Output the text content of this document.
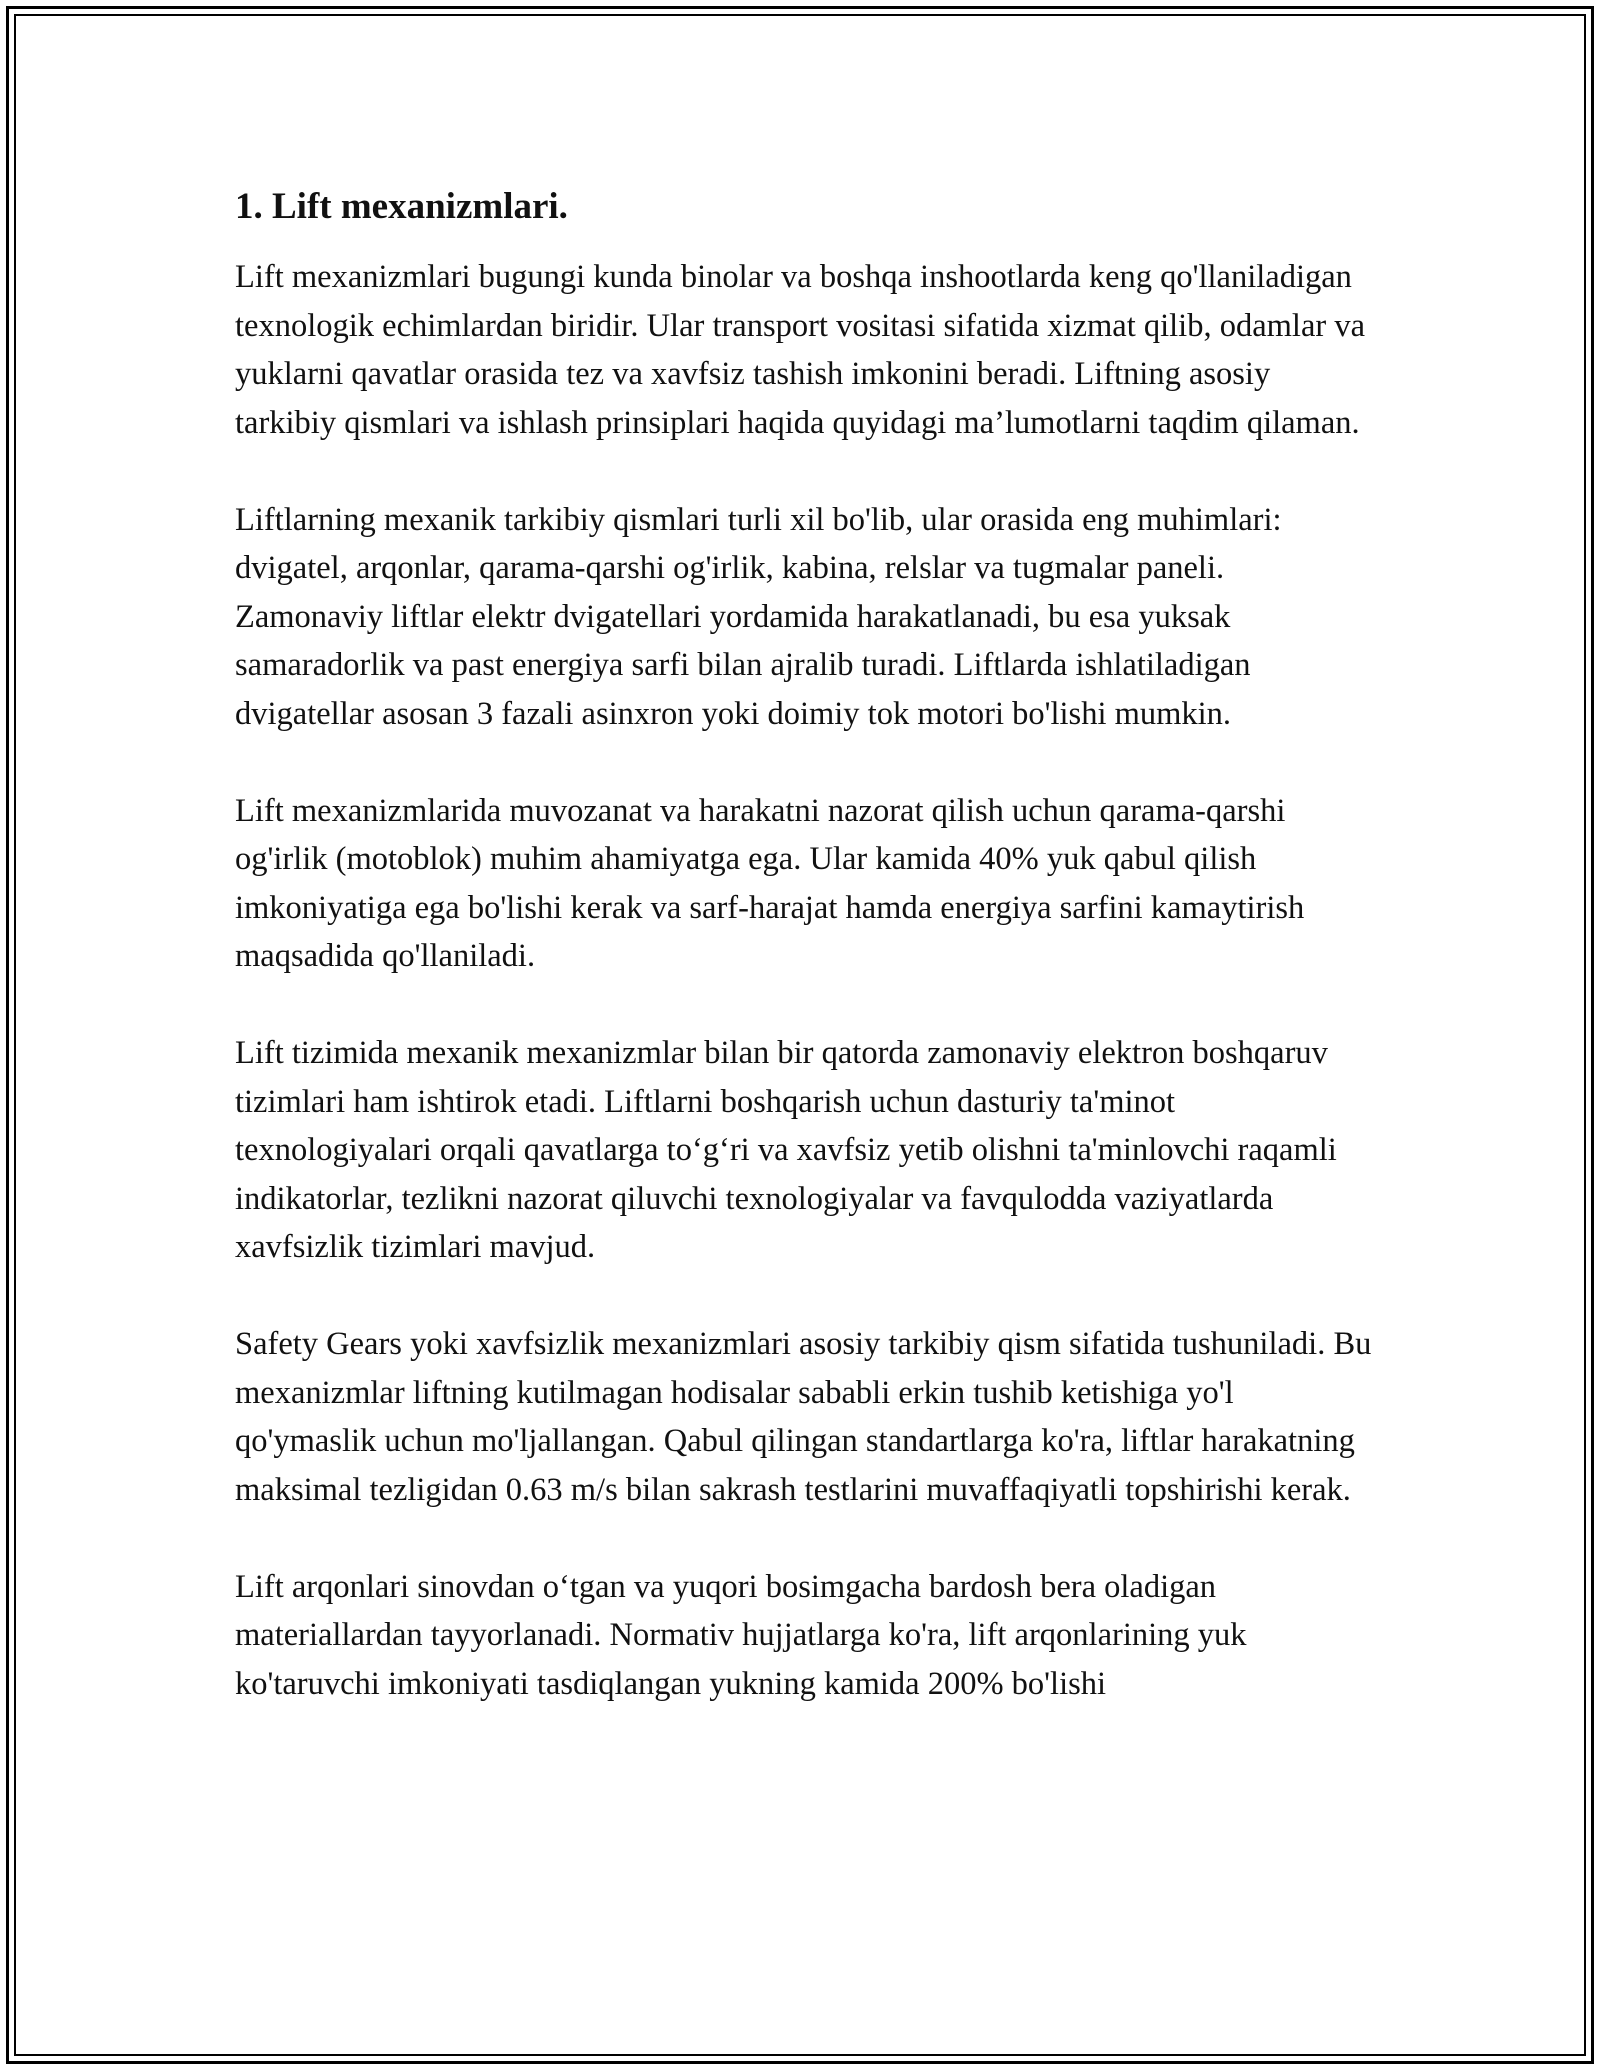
1. Lift mexanizmlari.

Lift mexanizmlari bugungi kunda binolar va boshqa inshootlarda keng qo'llaniladigan texnologik echimlardan biridir. Ular transport vositasi sifatida xizmat qilib, odamlar va yuklarni qavatlar orasida tez va xavfsiz tashish imkonini beradi. Liftning asosiy tarkibiy qismlari va ishlash prinsiplari haqida quyidagi ma’lumotlarni taqdim qilaman.

Liftlarning mexanik tarkibiy qismlari turli xil bo'lib, ular orasida eng muhimlari: dvigatel, arqonlar, qarama-qarshi og'irlik, kabina, relslar va tugmalar paneli. Zamonaviy liftlar elektr dvigatellari yordamida harakatlanadi, bu esa yuksak samaradorlik va past energiya sarfi bilan ajralib turadi. Liftlarda ishlatiladigan dvigatellar asosan 3 fazali asinxron yoki doimiy tok motori bo'lishi mumkin.

Lift mexanizmlarida muvozanat va harakatni nazorat qilish uchun qarama-qarshi og'irlik (motoblok) muhim ahamiyatga ega. Ular kamida 40% yuk qabul qilish imkoniyatiga ega bo'lishi kerak va sarf-harajat hamda energiya sarfini kamaytirish maqsadida qo'llaniladi.

Lift tizimida mexanik mexanizmlar bilan bir qatorda zamonaviy elektron boshqaruv tizimlari ham ishtirok etadi. Liftlarni boshqarish uchun dasturiy ta'minot texnologiyalari orqali qavatlarga to‘g‘ri va xavfsiz yetib olishni ta'minlovchi raqamli indikatorlar, tezlikni nazorat qiluvchi texnologiyalar va favqulodda vaziyatlarda xavfsizlik tizimlari mavjud.

Safety Gears yoki xavfsizlik mexanizmlari asosiy tarkibiy qism sifatida tushuniladi. Bu mexanizmlar liftning kutilmagan hodisalar sababli erkin tushib ketishiga yo'l qo'ymaslik uchun mo'ljallangan. Qabul qilingan standartlarga ko'ra, liftlar harakatning maksimal tezligidan 0.63 m/s bilan sakrash testlarini muvaffaqiyatli topshirishi kerak.

Lift arqonlari sinovdan o‘tgan va yuqori bosimgacha bardosh bera oladigan materiallardan tayyorlanadi. Normativ hujjatlarga ko'ra, lift arqonlarining yuk ko'taruvchi imkoniyati tasdiqlangan yukning kamida 200% bo'lishi
